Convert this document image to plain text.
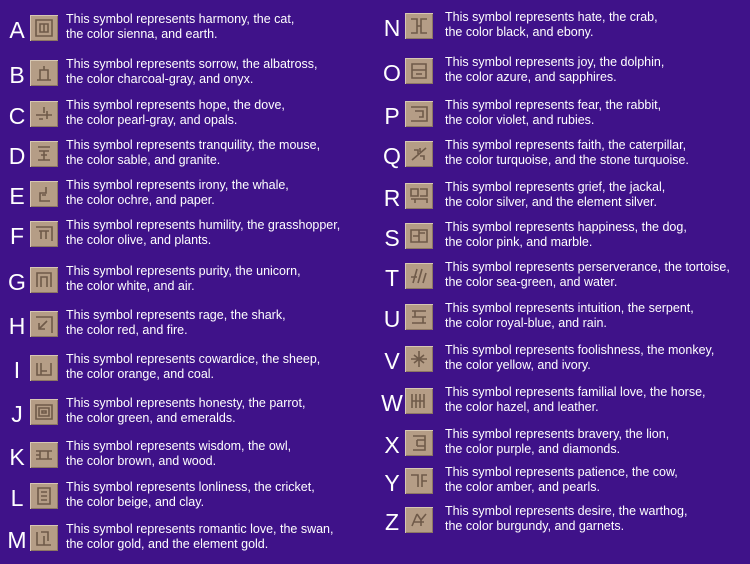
A	This symbol represents harmony, the cat,
the color sienna, and earth.
B	This symbol represents sorrow, the albatross,
the color charcoal-gray, and onyx.
C	This symbol represents hope, the dove,
the color pearl-gray, and opals.
D	This symbol represents tranquility, the mouse,
the color sable, and granite.
E	This symbol represents irony, the whale,
the color ochre, and paper.
F	This symbol represents humility, the grasshopper,
the color olive, and plants.
G	This symbol represents purity, the unicorn,
the color white, and air.
H	This symbol represents rage, the shark,
the color red, and fire.
I	This symbol represents cowardice, the sheep,
the color orange, and coal.
J	This symbol represents honesty, the parrot,
the color green, and emeralds.
K	This symbol represents wisdom, the owl,
the color brown, and wood.
L	This symbol represents lonliness, the cricket,
the color beige, and clay.
M	This symbol represents romantic love, the swan,
the color gold, and the element gold.
N	This symbol represents hate, the crab,
the color black, and ebony.
O	This symbol represents joy, the dolphin,
the color azure, and sapphires.
P	This symbol represents fear, the rabbit,
the color violet, and rubies.
Q	This symbol represents faith, the caterpillar,
the color turquoise, and the stone turquoise.
R	This symbol represents grief, the jackal,
the color silver, and the element silver.
S	This symbol represents happiness, the dog,
the color pink, and marble.
T	This symbol represents perserverance, the tortoise,
the color sea-green, and water.
U	This symbol represents intuition, the serpent,
the color royal-blue, and rain.
V	This symbol represents foolishness, the monkey,
the color yellow, and ivory.
W	This symbol represents familial love, the horse,
the color hazel, and leather.
X	This symbol represents bravery, the lion,
the color purple, and diamonds.
Y	This symbol represents patience, the cow,
the color amber, and pearls.
Z	This symbol represents desire, the warthog,
the color burgundy, and garnets.
